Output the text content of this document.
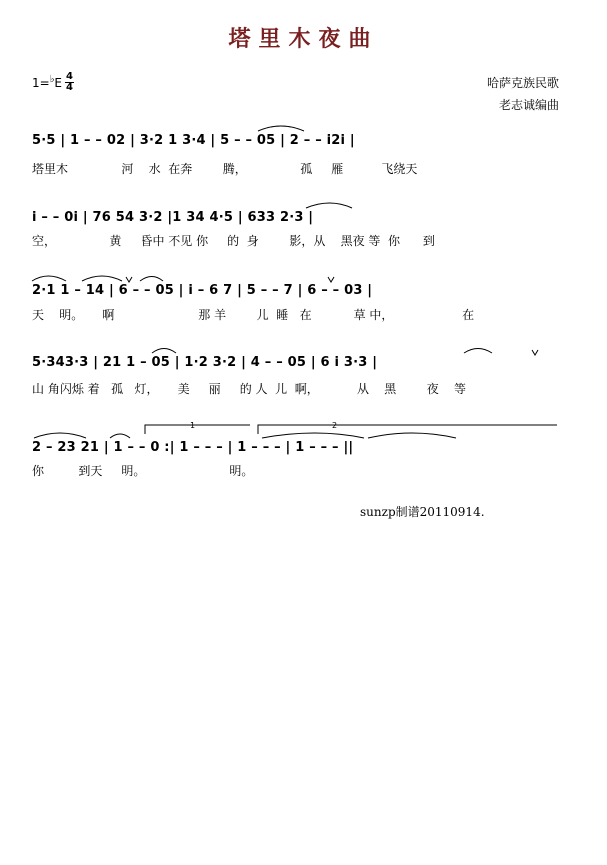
塔里木夜曲
1= ♭ E $\frac{4}{4}$	哈萨克族民歌
老志诚编曲
5·5 | 1 – – 02 | 3·2 1 3·4 | 5 – – 05 | 2 – – i2i |
塔里木              河    水  在奔        腾，              孤     雁          飞绕天
i – – 0i | 76 54 3·2 |1 34 4·5 | 633 2·3 |
空，              黄     昏中 不见 你     的  身        影，从    黑夜 等  你      到
2·1 1 – 14 | 6 – – 05 | i – 6 7 | 5 – – 7 | 6 – – 03 |
天    明。     啊                      那 羊        儿  睡   在           草 中，                  在
5·343·3 | 21 1 – 05 | 1·2 3·2 | 4 – – 05 | 6 i 3·3 |
山 角闪烁 着   孤   灯，     美     丽     的 人  儿  啊，          从    黑        夜    等
2 – 23 21 | 1 – – 0 :| 1 – – – | 1 – – – | 1 – – – ||
你         到天     明。                      明。
1	2
sunzp制谱20110914.
